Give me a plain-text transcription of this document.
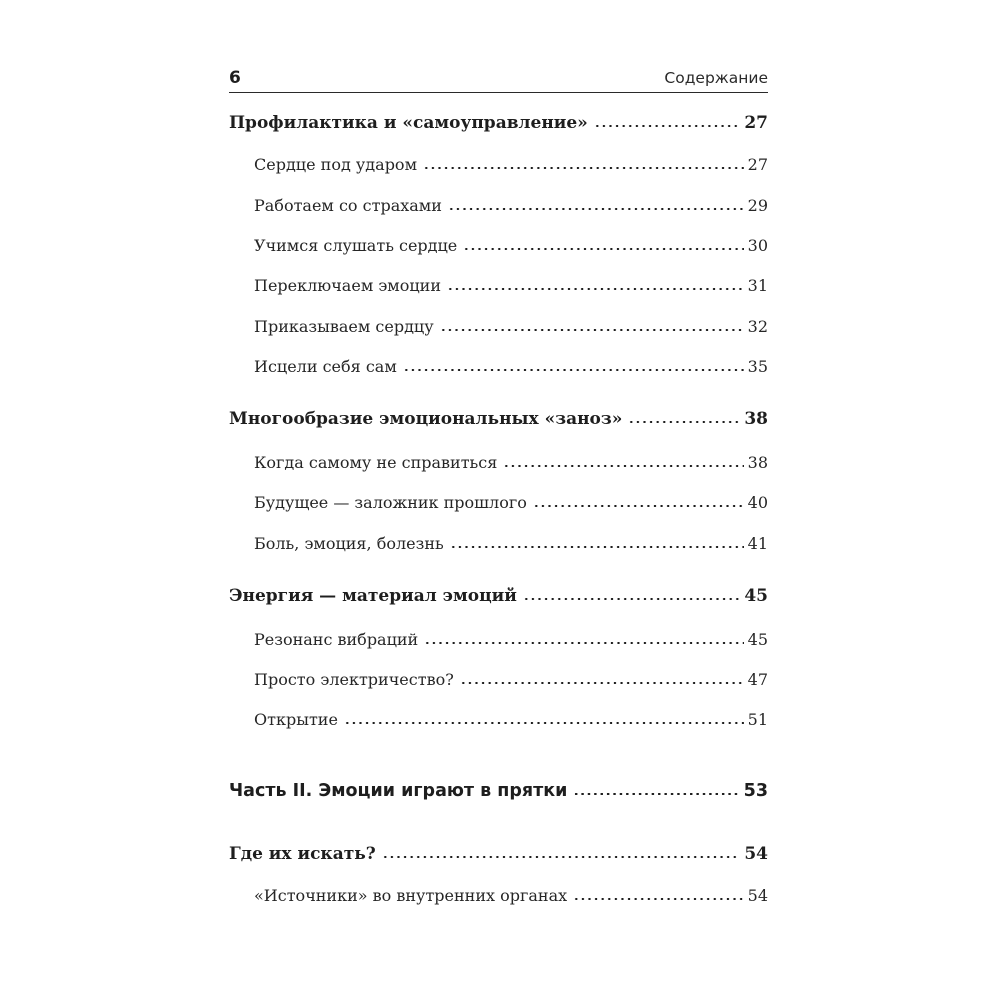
6	Содержание
Профилактика и «самоуправление»	27
Сердце под ударом	27
Работаем со страхами	29
Учимся слушать сердце	30
Переключаем эмоции	31
Приказываем сердцу	32
Исцели себя сам	35
Многообразие эмоциональных «заноз»	38
Когда самому не справиться	38
Будущее — заложник прошлого	40
Боль, эмоция, болезнь	41
Энергия — материал эмоций	45
Резонанс вибраций	45
Просто электричество?	47
Открытие	51
Часть II. Эмоции играют в прятки	53
Где их искать?	54
«Источники» во внутренних органах	54
